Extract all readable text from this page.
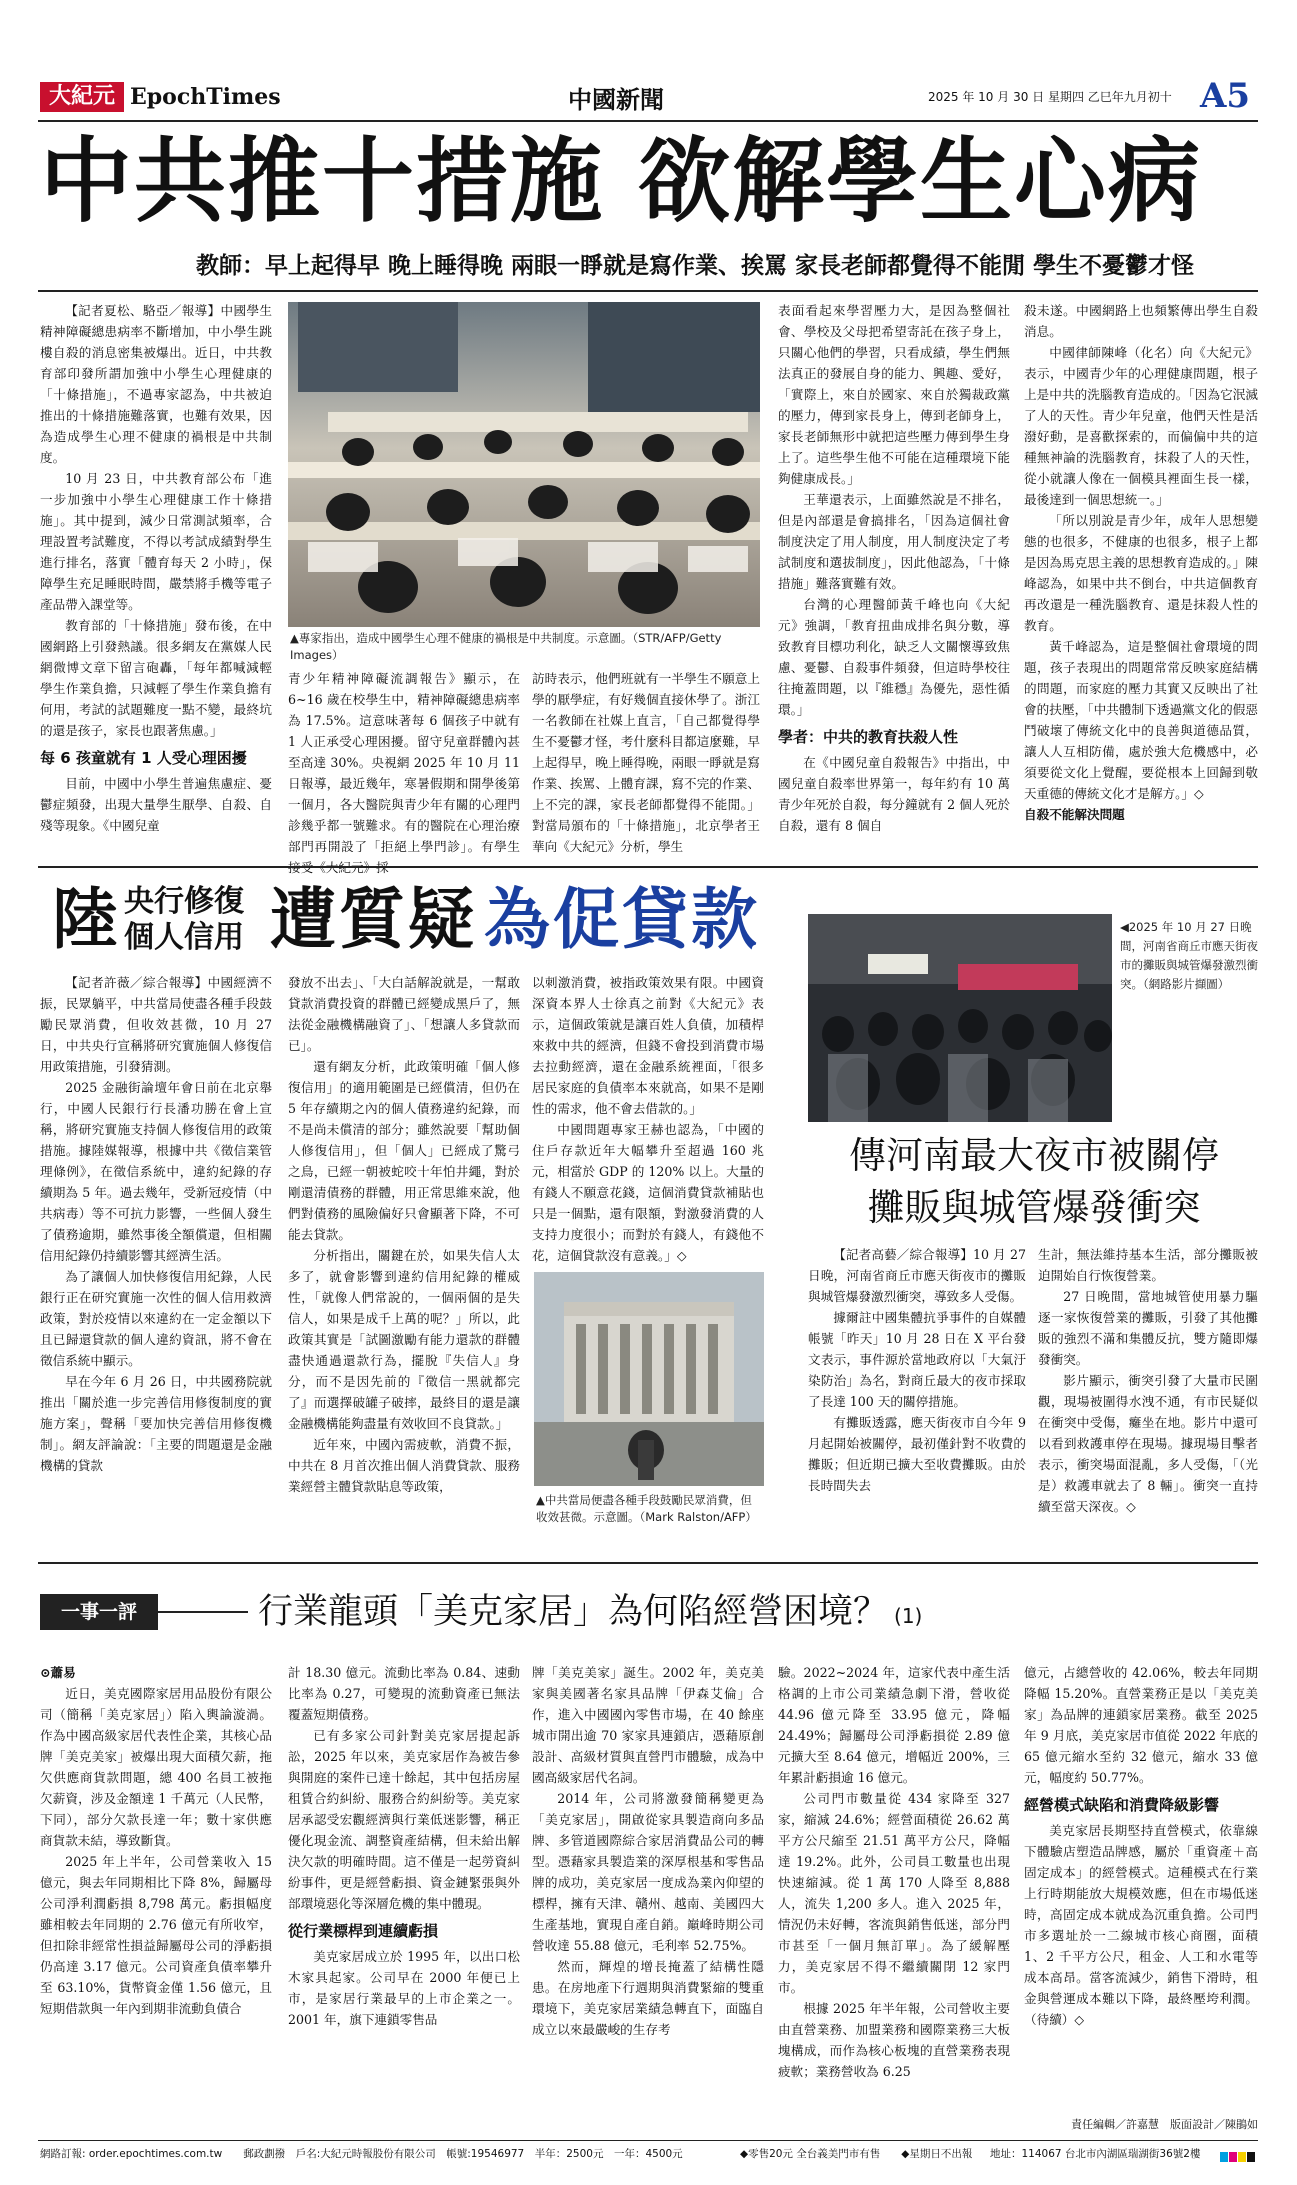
大紀元 EpochTimes	中國新聞	2025 年 10 月 30 日 星期四 乙巳年九月初十 A5
中共推十措施 欲解學生心病
教師：早上起得早 晚上睡得晚 兩眼一睜就是寫作業、挨罵 家長老師都覺得不能閒 學生不憂鬱才怪

【記者夏松、駱亞／報導】中國學生精神障礙總患病率不斷增加，中小學生跳樓自殺的消息密集被爆出。近日，中共教育部印發所謂加強中小學生心理健康的「十條措施」，不過專家認為，中共被迫推出的十條措施難落實，也難有效果，因為造成學生心理不健康的禍根是中共制度。

10 月 23 日，中共教育部公布「進一步加強中小學生心理健康工作十條措施」。其中提到，減少日常測試頻率，合理設置考試難度，不得以考試成績對學生進行排名，落實「體育每天 2 小時」，保障學生充足睡眠時間，嚴禁將手機等電子產品帶入課堂等。

教育部的「十條措施」發布後，在中國網路上引發熱議。很多網友在黨媒人民網微博文章下留言砲轟，「每年都喊減輕學生作業負擔，只減輕了學生作業負擔有何用，考試的試題難度一點不變，最終坑的還是孩子，家長也跟著焦慮。」

每 6 孩童就有 1 人受心理困擾

目前，中國中小學生普遍焦慮症、憂鬱症頻發，出現大量學生厭學、自殺、自殘等現象。《中國兒童

▲專家指出，造成中國學生心理不健康的禍根是中共制度。示意圖。（STR/AFP/Getty Images）

青少年精神障礙流調報告》顯示，在 6~16 歲在校學生中，精神障礙總患病率為 17.5%。這意味著每 6 個孩子中就有 1 人正承受心理困擾。留守兒童群體內甚至高達 30%。央視網 2025 年 10 月 11 日報導，最近幾年，寒暑假期和開學後第一個月，各大醫院與青少年有關的心理門診幾乎都一號難求。有的醫院在心理治療部門再開設了「拒絕上學門診」。有學生

訪時表示，他們班就有一半學生不願意上學的厭學症，有好幾個直接休學了。浙江一名教師在社媒上直言，「自己都覺得學生不憂鬱才怪，考什麼科目都這麼難，早上起得早，晚上睡得晚，兩眼一睜就是寫作業、挨罵、上體育課，寫不完的作業、上不完的課，家長老師都覺得不能閒。」對當局頒布的「十條措施」，北京學者王華向《大紀元》分析，學生

表面看起來學習壓力大，是因為整個社會、學校及父母把希望寄託在孩子身上，只關心他們的學習，只看成績，學生們無法真正的發展自身的能力、興趣、愛好，「實際上，來自於國家、來自於獨裁政黨的壓力，傳到家長身上，傳到老師身上，家長老師無形中就把這些壓力傳到學生身上了。這些學生他不可能在這種環境下能夠健康成長。」

王華還表示，上面雖然說是不排名，但是內部還是會搞排名，「因為這個社會制度決定了用人制度，用人制度決定了考試制度和選拔制度」，因此他認為，「十條措施」難落實難有效。

台灣的心理醫師黃千峰也向《大紀元》強調，「教育扭曲成排名與分數，導致教育目標功利化，缺乏人文關懷導致焦慮、憂鬱、自殺事件頻發，但這時學校往往掩蓋問題，以『維穩』為優先，惡性循環。」

學者：中共的教育扶殺人性

在《中國兒童自殺報告》中指出，中國兒童自殺率世界第一，每年約有 10 萬青少年死於自殺，每分鐘就有 2 個人死於自殺，還有 8 個自

殺未遂。中國網路上也頻繁傳出學生自殺消息。

中國律師陳峰（化名）向《大紀元》表示，中國青少年的心理健康問題，根子上是中共的洗腦教育造成的。「因為它泯滅了人的天性。青少年兒童，他們天性是活潑好動，是喜歡探索的，而偏偏中共的這種無神論的洗腦教育，抹殺了人的天性，從小就讓人像在一個模具裡面生長一樣，最後達到一個思想統一。」

「所以別說是青少年，成年人思想變態的也很多，不健康的也很多，根子上都是因為馬克思主義的思想教育造成的。」陳峰認為，如果中共不倒台，中共這個教育再改還是一種洗腦教育、還是抹殺人性的教育。

黃千峰認為，這是整個社會環境的問題，孩子表現出的問題常常反映家庭結構的問題，而家庭的壓力其實又反映出了社會的扶壓，「中共體制下透過黨文化的假惡鬥破壞了傳統文化中的良善與道德品質，讓人人互相防備，處於強大危機感中，必須要從文化上覺醒，要從根本上回歸到敬天重德的傳統文化才是解方。」◇

自殺不能解決問題

陸 央行修復
個人信用 遭質疑 為促貸款

【記者許薇／綜合報導】中國經濟不振，民眾躺平，中共當局使盡各種手段鼓勵民眾消費，但收效甚微，10 月 27 日，中共央行宣稱將研究實施個人修復信用政策措施，引發猜測。

2025 金融街論壇年會日前在北京舉行，中國人民銀行行長潘功勝在會上宣稱，將研究實施支持個人修復信用的政策措施。據陸媒報導，根據中共《徵信業管理條例》，在徵信系統中，違約紀錄的存續期為 5 年。過去幾年，受新冠疫情（中共病毒）等不可抗力影響，一些個人發生了債務逾期，雖然事後全額償還，但相關信用紀錄仍持續影響其經濟生活。

為了讓個人加快修復信用紀錄，人民銀行正在研究實施一次性的個人信用救濟政策，對於疫情以來違約在一定金額以下且已歸還貸款的個人違約資訊，將不會在徵信系統中顯示。

早在今年 6 月 26 日，中共國務院就推出「關於進一步完善信用修復制度的實施方案」，聲稱「要加快完善信用修復機制」。網友評論說：「主要的問題還是金融機構的貸款

發放不出去」、「大白話解說就是，一幫敢貸款消費投資的群體已經變成黑戶了，無法從金融機構融資了」、「想讓人多貸款而已」。

還有網友分析，此政策明確「個人修復信用」的適用範圍是已經償清，但仍在 5 年存續期之內的個人債務違約紀錄，而不是尚未償清的部分；雖然說要「幫助個人修復信用」，但「個人」已經成了驚弓之鳥，已經一朝被蛇咬十年怕井繩，對於剛還清債務的群體，用正常思維來說，他們對債務的風險偏好只會顯著下降，不可能去貸款。

分析指出，關鍵在於，如果失信人太多了，就會影響到違約信用紀錄的權威性，「就像人們常說的，一個兩個的是失信人，如果是成千上萬的呢？」所以，此政策其實是「試圖激勵有能力還款的群體盡快通過還款行為，擺脫『失信人』身分，而不是因先前的『徵信一黑就都完了』而選擇破罐子破摔，最終目的還是讓金融機構能夠盡量有效收回不良貸款。」

近年來，中國內需疲軟，消費不振，中共在 8 月首次推出個人消費貸款、服務業經營主體貸款貼息等政策，

以刺激消費，被指政策效果有限。中國資深資本界人士徐真之前對《大紀元》表示，這個政策就是讓百姓人負債，加積桿來救中共的經濟，但錢不會投到消費市場去拉動經濟，還在金融系統裡面，「很多居民家庭的負債率本來就高，如果不是剛性的需求，他不會去借款的。」

中國問題專家王赫也認為，「中國的住戶存款近年大幅攀升至超過 160 兆元，相當於 GDP 的 120% 以上。大量的有錢人不願意花錢，這個消費貸款補貼也只是一個點，還有限額，對激發消費的人支持力度很小；而對於有錢人，有錢他不花，這個貸款沒有意義。」◇

▲中共當局便盡各種手段鼓勵民眾消費，但收效甚微。示意圖。（Mark Ralston/AFP）
◀2025 年 10 月 27 日晚間，河南省商丘市應天街夜市的攤販與城管爆發激烈衝突。（網路影片擷圖）
傳河南最大夜市被關停
攤販與城管爆發衝突

【記者高藝／綜合報導】10 月 27 日晚，河南省商丘市應天街夜市的攤販與城管爆發激烈衝突，導致多人受傷。

據爾註中國集體抗爭事件的自媒體帳號「昨天」10 月 28 日在 X 平台發文表示，事件源於當地政府以「大氣汙染防治」為名，對商丘最大的夜市採取了長達 100 天的關停措施。

有攤販透露，應天街夜市自今年 9 月起開始被關停，最初僅針對不收費的攤販；但近期已擴大至收費攤販。由於長時間失去

生計，無法維持基本生活，部分攤販被迫開始自行恢復營業。

27 日晚間，當地城管使用暴力驅逐一家恢復營業的攤販，引發了其他攤販的強烈不滿和集體反抗，雙方隨即爆發衝突。

影片顯示，衝突引發了大量市民圍觀，現場被圍得水洩不通，有市民疑似在衝突中受傷，癱坐在地。影片中還可以看到救護車停在現場。據現場目擊者表示，衝突場面混亂，多人受傷，「（光是）救護車就去了 8 輛」。衝突一直持續至當天深夜。◇

一事一評	行業龍頭「美克家居」為何陷經營困境？ (1)

⊙蕭易

近日，美克國際家居用品股份有限公司（簡稱「美克家居」）陷入輿論漩渦。作為中國高級家居代表性企業，其核心品牌「美克美家」被爆出現大面積欠薪，拖欠供應商貨款問題，總 400 名員工被拖欠薪資，涉及金額達 1 千萬元（人民幣，下同），部分欠款長達一年；數十家供應商貨款未結，導致斷貨。

2025 年上半年，公司營業收入 15 億元，與去年同期相比下降 8%，歸屬母公司淨利潤虧損 8,798 萬元。虧損幅度雖相較去年同期的 2.76 億元有所收窄，但扣除非經常性損益歸屬母公司的淨虧損仍高達 3.17 億元。公司資產負債率攀升至 63.10%，貨幣資金僅 1.56 億元，且短期借款與一年內到期非流動負債合

計 18.30 億元。流動比率為 0.84、速動比率為 0.27，可變現的流動資產已無法覆蓋短期債務。

已有多家公司針對美克家居提起訴訟，2025 年以來，美克家居作為被告參與開庭的案件已達十餘起，其中包括房屋租賃合約糾紛、服務合約糾紛等。美克家居承認受宏觀經濟與行業低迷影響，稱正優化現金流、調整資產結構，但未給出解決欠款的明確時間。這不僅是一起勞資糾紛事件，更是經營虧損、資金鏈緊張與外部環境惡化等深層危機的集中體現。

從行業標桿到連續虧損

美克家居成立於 1995 年，以出口松木家具起家。公司早在 2000 年便已上市，是家居行業最早的上市企業之一。2001 年，旗下連鎖零售品

牌「美克美家」誕生。2002 年，美克美家與美國著名家具品牌「伊森艾倫」合作，進入中國國內零售市場，在 40 餘座城市開出逾 70 家家具連鎖店，憑藉原創設計、高級材質與直營門市體驗，成為中國高級家居代名詞。

2014 年，公司將激發簡稱變更為「美克家居」，開啟從家具製造商向多品牌、多管道國際綜合家居消費品公司的轉型。憑藉家具製造業的深厚根基和零售品牌的成功，美克家居一度成為業內仰望的標桿，擁有天津、贛州、越南、美國四大生產基地，實現自產自銷。巔峰時期公司營收達 55.88 億元，毛利率 52.75%。

然而，輝煌的增長掩蓋了結構性隱患。在房地產下行週期與消費緊縮的雙重環境下，美克家居業績急轉直下，面臨自成立以來最嚴峻的生存考

驗。2022~2024 年，這家代表中產生活格調的上市公司業績急劇下滑，營收從 44.96 億元降至 33.95 億元，降幅 24.49%；歸屬母公司淨虧損從 2.89 億元擴大至 8.64 億元，增幅近 200%，三年累計虧損逾 16 億元。

公司門市數量從 434 家降至 327 家，縮減 24.6%；經營面積從 26.62 萬平方公尺縮至 21.51 萬平方公尺，降幅達 19.2%。此外，公司員工數量也出現快速縮減。從 1 萬 170 人降至 8,888 人，流失 1,200 多人。進入 2025 年，情況仍未好轉，客流與銷售低迷，部分門市甚至「一個月無訂單」。為了緩解壓力，美克家居不得不繼續關閉 12 家門市。

根據 2025 年半年報，公司營收主要由直營業務、加盟業務和國際業務三大板塊構成，而作為核心板塊的直營業務表現疲軟；業務營收為 6.25

億元，占總營收的 42.06%，較去年同期降幅 15.20%。直營業務正是以「美克美家」為品牌的連鎖家居業務。截至 2025 年 9 月底，美克家居市值從 2022 年底的 65 億元縮水至約 32 億元，縮水 33 億元，幅度約 50.77%。

經營模式缺陷和消費降級影響

美克家居長期堅持直營模式，依靠線下體驗店塑造品牌感，屬於「重資產＋高固定成本」的經營模式。這種模式在行業上行時期能放大規模效應，但在市場低迷時，高固定成本就成為沉重負擔。公司門市多選址於一二線城市核心商圈，面積 1、2 千平方公尺，租金、人工和水電等成本高昂。當客流減少，銷售下滑時，租金與營運成本難以下降，最終壓垮利潤。（待續）◇

責任編輯／許嘉慧　版面設計／陳鵑如
網路訂報: order.epochtimes.com.tw　　郵政劃撥　戶名:大紀元時報股份有限公司　帳號:19546977　半年：2500元　一年：4500元	◆零售20元 全台義美門市有售　　◆星期日不出報 地址：114067 台北市內湖區瑞湖街36號2樓
